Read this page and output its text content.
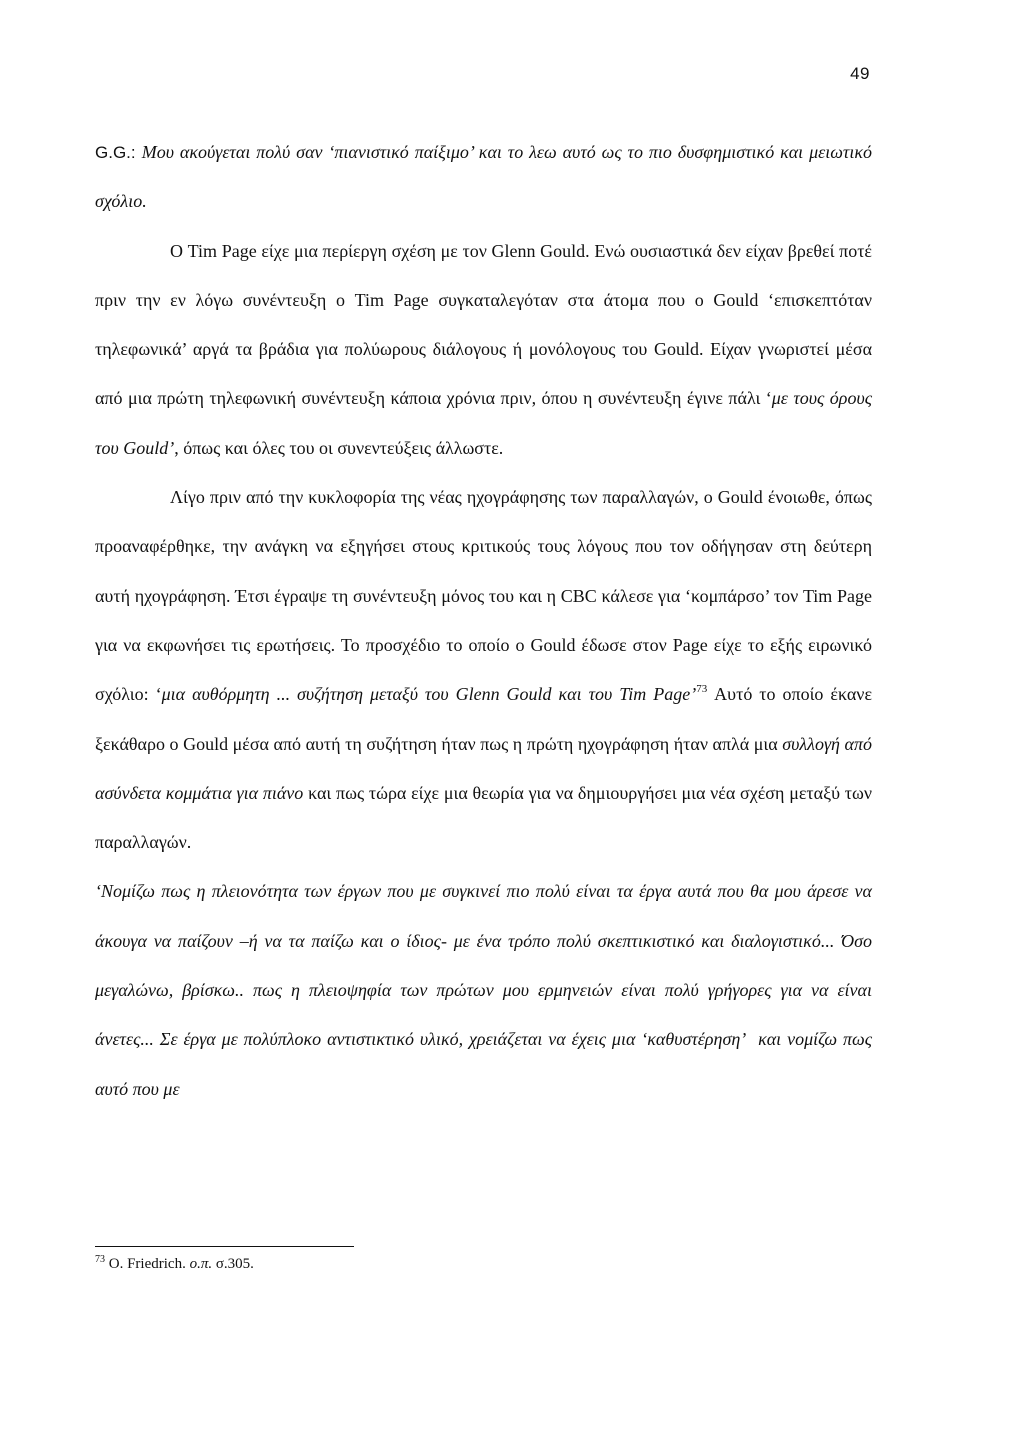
49

G.G.: Μου ακούγεται πολύ σαν ‘πιανιστικό παίξιμο’ και το λεω αυτό ως το πιο δυσφημιστικό και μειωτικό σχόλιο.

Ο Tim Page είχε μια περίεργη σχέση με τον Glenn Gould. Ενώ ουσιαστικά δεν είχαν βρεθεί ποτέ πριν την εν λόγω συνέντευξη ο Tim Page συγκαταλεγόταν στα άτομα που ο Gould ‘επισκεπτόταν τηλεφωνικά’ αργά τα βράδια για πολύωρους διάλογους ή μονόλογους του Gould. Είχαν γνωριστεί μέσα από μια πρώτη τηλεφωνική συνέντευξη κάποια χρόνια πριν, όπου η συνέντευξη έγινε πάλι ‘με τους όρους του Gould’, όπως και όλες του οι συνεντεύξεις άλλωστε.

Λίγο πριν από την κυκλοφορία της νέας ηχογράφησης των παραλλαγών, ο Gould ένοιωθε, όπως προαναφέρθηκε, την ανάγκη να εξηγήσει στους κριτικούς τους λόγους που τον οδήγησαν στη δεύτερη αυτή ηχογράφηση. Έτσι έγραψε τη συνέντευξη μόνος του και η CBC κάλεσε για ‘κομπάρσο’ τον Tim Page για να εκφωνήσει τις ερωτήσεις. Το προσχέδιο το οποίο ο Gould έδωσε στον Page είχε το εξής ειρωνικό σχόλιο: ‘μια αυθόρμητη ... συζήτηση μεταξύ του Glenn Gould και του Tim Page’$^{73}$ Αυτό το οποίο έκανε ξεκάθαρο ο Gould μέσα από αυτή τη συζήτηση ήταν πως η πρώτη ηχογράφηση ήταν απλά μια συλλογή από ασύνδετα κομμάτια για πιάνο και πως τώρα είχε μια θεωρία για να δημιουργήσει μια νέα σχέση μεταξύ των παραλλαγών.

‘Νομίζω πως η πλειονότητα των έργων που με συγκινεί πιο πολύ είναι τα έργα αυτά που θα μου άρεσε να άκουγα να παίζουν –ή να τα παίζω και ο ίδιος- με ένα τρόπο πολύ σκεπτικιστικό και διαλογιστικό... Όσο μεγαλώνω, βρίσκω.. πως η πλειοψηφία των πρώτων μου ερμηνειών είναι πολύ γρήγορες για να είναι άνετες... Σε έργα με πολύπλοκο αντιστικτικό υλικό, χρειάζεται να έχεις μια ‘καθυστέρηση’ και νομίζω πως αυτό που με

$^{73}$ O. Friedrich. ο.π. σ.305.
